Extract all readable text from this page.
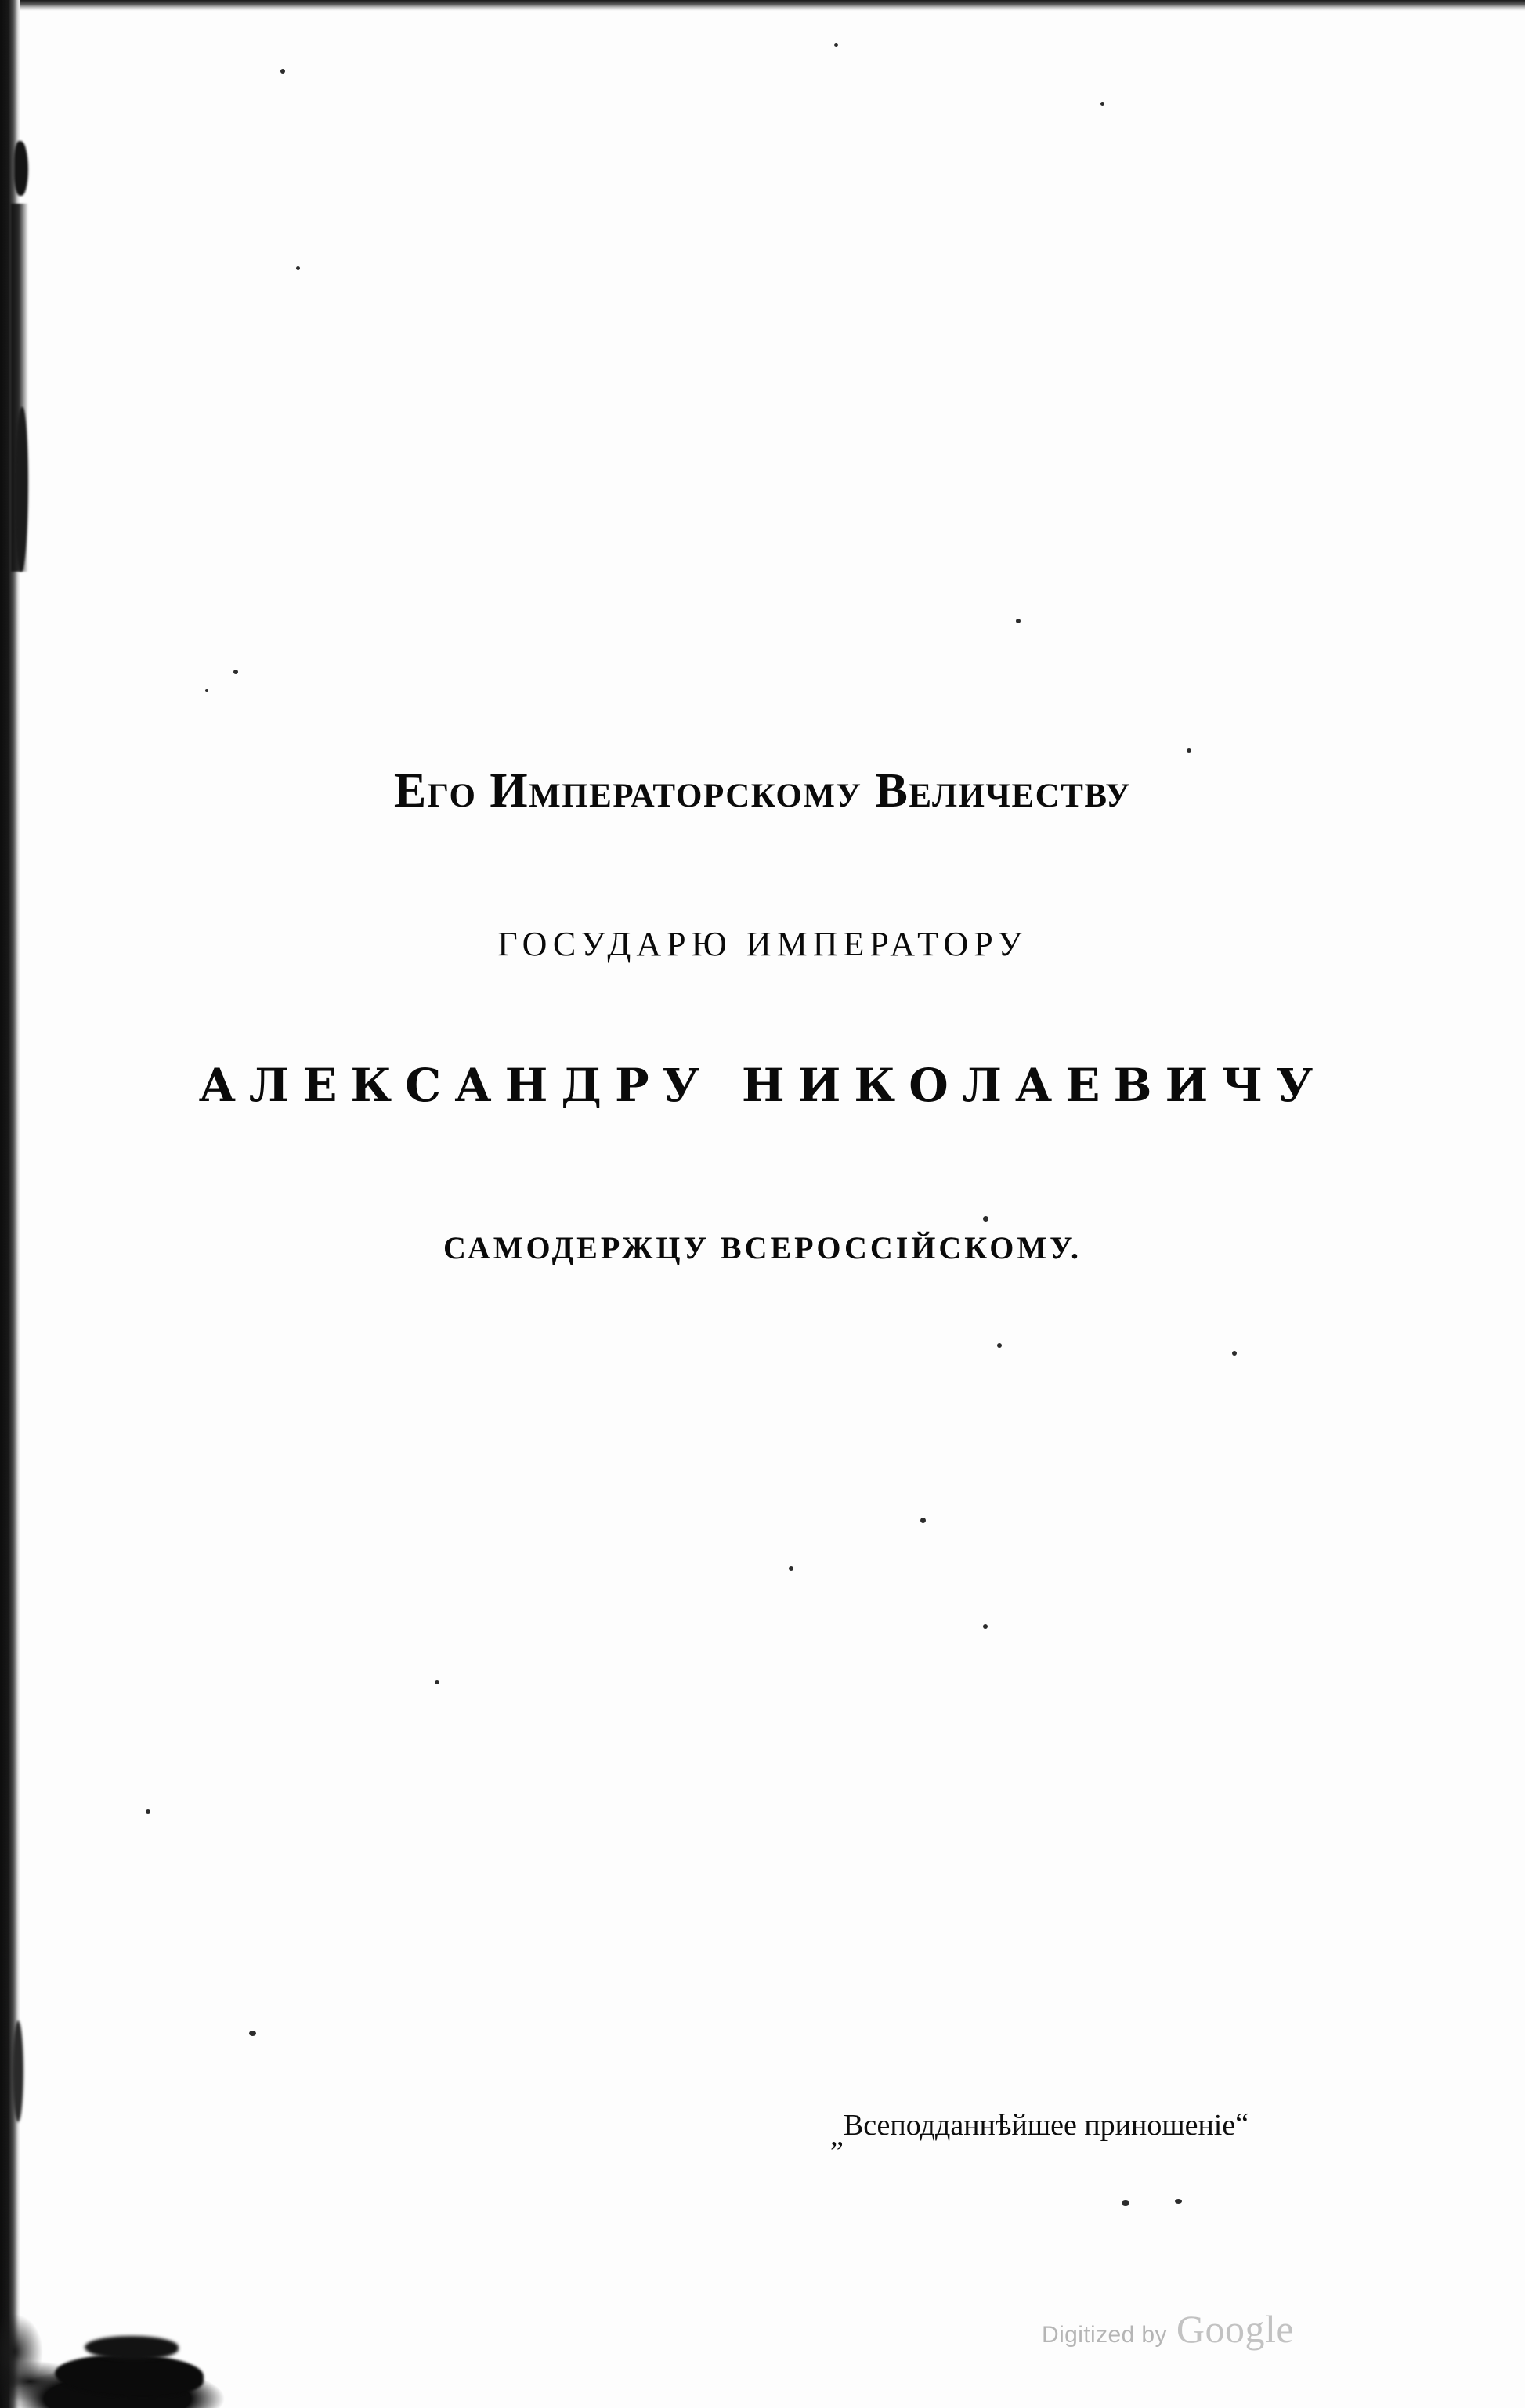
Его Императорскому Величеству
ГОСУДАРЮ ИМПЕРАТОРУ
АЛЕКСАНДРУ НИКОЛАЕВИЧУ
САМОДЕРЖЦУ ВСЕРОССІЙСКОМУ.
„Всеподданнѣйшее приношеніе“
Digitized by Google
